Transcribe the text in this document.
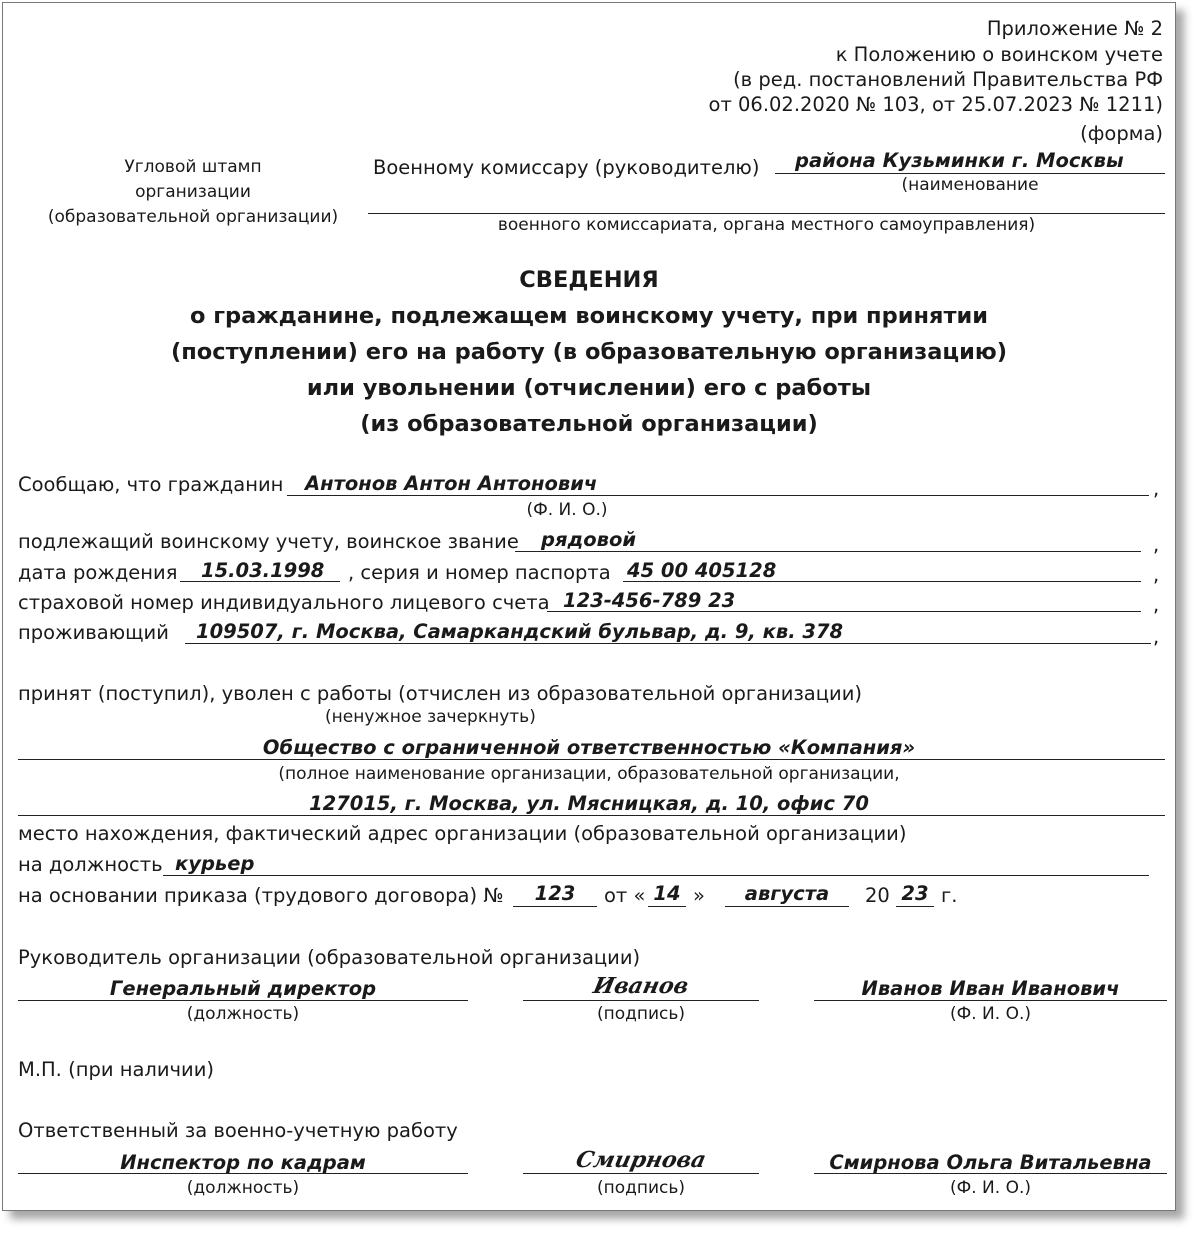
Приложение № 2
к Положению о воинском учете
(в ред. постановлений Правительства РФ
от 06.02.2020 № 103, от 25.07.2023 № 1211)
(форма)
Угловой штамп
организации
(образовательной организации)
Военному комиссару (руководителю) района Кузьминки г. Москвы
(наименование
военного комиссариата, органа местного самоуправления)
СВЕДЕНИЯ
о гражданине, подлежащем воинскому учету, при принятии
(поступлении) его на работу (в образовательную организацию)
или увольнении (отчислении) его с работы
(из образовательной организации)
Сообщаю, что гражданин Антонов Антон Антонович	,
(Ф. И. О.)
подлежащий воинскому учету, воинское звание рядовой	,
дата рождения 15.03.1998 , серия и номер паспорта 45 00 405128	,
страховой номер индивидуального лицевого счета 123-456-789 23	,
проживающий 109507, г. Москва, Самаркандский бульвар, д. 9, кв. 378	,
принят (поступил), уволен с работы (отчислен из образовательной организации)
(ненужное зачеркнуть)
Общество с ограниченной ответственностью «Компания»
(полное наименование организации, образовательной организации,
127015, г. Москва, ул. Мясницкая, д. 10, офис 70
место нахождения, фактический адрес организации (образовательной организации)
на должность курьер
на основании приказа (трудового договора) №	123	от « 14 »	августа	20 23 г.
Руководитель организации (образовательной организации)
Генеральный директор
(должность)
Иванов
(подпись)
Иванов Иван Иванович
(Ф. И. О.)
М.П. (при наличии)
Ответственный за военно-учетную работу
Инспектор по кадрам
(должность)
Смирнова
(подпись)
Смирнова Ольга Витальевна
(Ф. И. О.)
